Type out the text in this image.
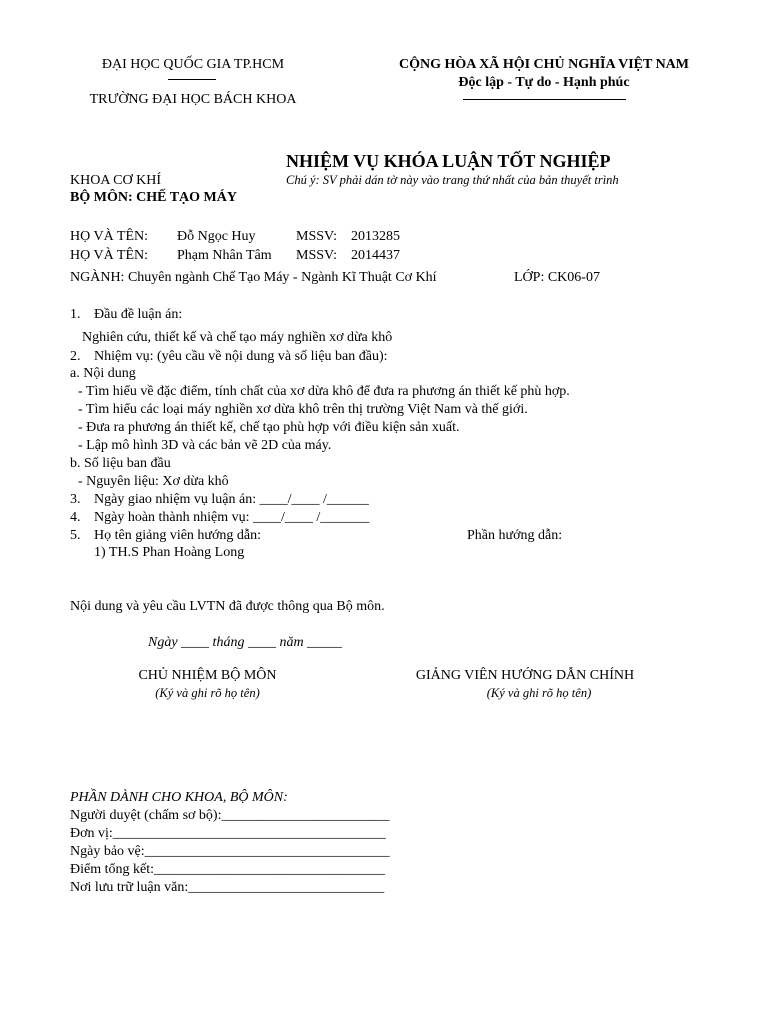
ĐẠI HỌC QUỐC GIA TP.HCM
TRƯỜNG ĐẠI HỌC BÁCH KHOA
CỘNG HÒA XÃ HỘI CHỦ NGHĨA VIỆT NAM
Độc lập - Tự do - Hạnh phúc
NHIỆM VỤ KHÓA LUẬN TỐT NGHIỆP
KHOA CƠ KHÍ	Chú ý: SV phải dán tờ này vào trang thứ nhất của bản thuyết trình
BỘ MÔN: CHẾ TẠO MÁY
HỌ VÀ TÊN: Đỗ Ngọc Huy	MSSV: 2013285
HỌ VÀ TÊN: Phạm Nhân Tâm MSSV: 2014437
NGÀNH: Chuyên ngành Chế Tạo Máy - Ngành Kĩ Thuật Cơ Khí	LỚP: CK06-07
1. Đầu đề luận án:
Nghiên cứu, thiết kế và chế tạo máy nghiền xơ dừa khô
2. Nhiệm vụ: (yêu cầu về nội dung và số liệu ban đầu):
a. Nội dung
- Tìm hiểu về đặc điểm, tính chất của xơ dừa khô để đưa ra phương án thiết kế phù hợp.
- Tìm hiểu các loại máy nghiền xơ dừa khô trên thị trường Việt Nam và thế giới.
- Đưa ra phương án thiết kế, chế tạo phù hợp với điều kiện sản xuất.
- Lập mô hình 3D và các bản vẽ 2D của máy.
b. Số liệu ban đầu
- Nguyên liệu: Xơ dừa khô
3. Ngày giao nhiệm vụ luận án: ____/____ /______
4. Ngày hoàn thành nhiệm vụ: ____/____ /_______
5. Họ tên giảng viên hướng dẫn:	Phần hướng dẫn:
1) TH.S Phan Hoàng Long
Nội dung và yêu cầu LVTN đã được thông qua Bộ môn.
Ngày ____ tháng ____ năm _____
CHỦ NHIỆM BỘ MÔN
(Ký và ghi rõ họ tên)
GIẢNG VIÊN HƯỚNG DẪN CHÍNH
(Ký và ghi rõ họ tên)
PHẦN DÀNH CHO KHOA, BỘ MÔN:
Người duyệt (chấm sơ bộ):________________________
Đơn vị:_______________________________________
Ngày bảo vệ:___________________________________
Điểm tổng kết:_________________________________
Nơi lưu trữ luận văn:____________________________
